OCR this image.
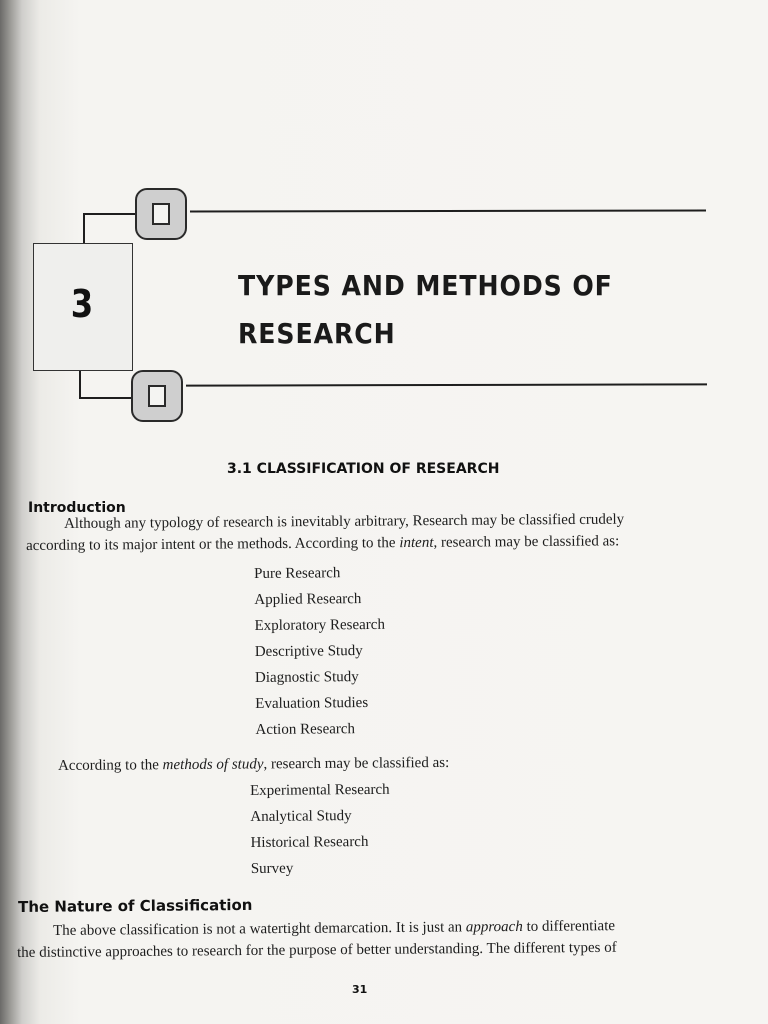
3	TYPES AND METHODS OF
RESEARCH
3.1 CLASSIFICATION OF RESEARCH
Introduction
Although any typology of research is inevitably arbitrary, Research may be classified crudely
according to its major intent or the methods. According to the intent, research may be classified as:
Pure Research
Applied Research
Exploratory Research
Descriptive Study
Diagnostic Study
Evaluation Studies
Action Research
According to the methods of study, research may be classified as:
Experimental Research
Analytical Study
Historical Research
Survey
The Nature of Classification
The above classification is not a watertight demarcation. It is just an approach to differentiate
the distinctive approaches to research for the purpose of better understanding. The different types of
31
